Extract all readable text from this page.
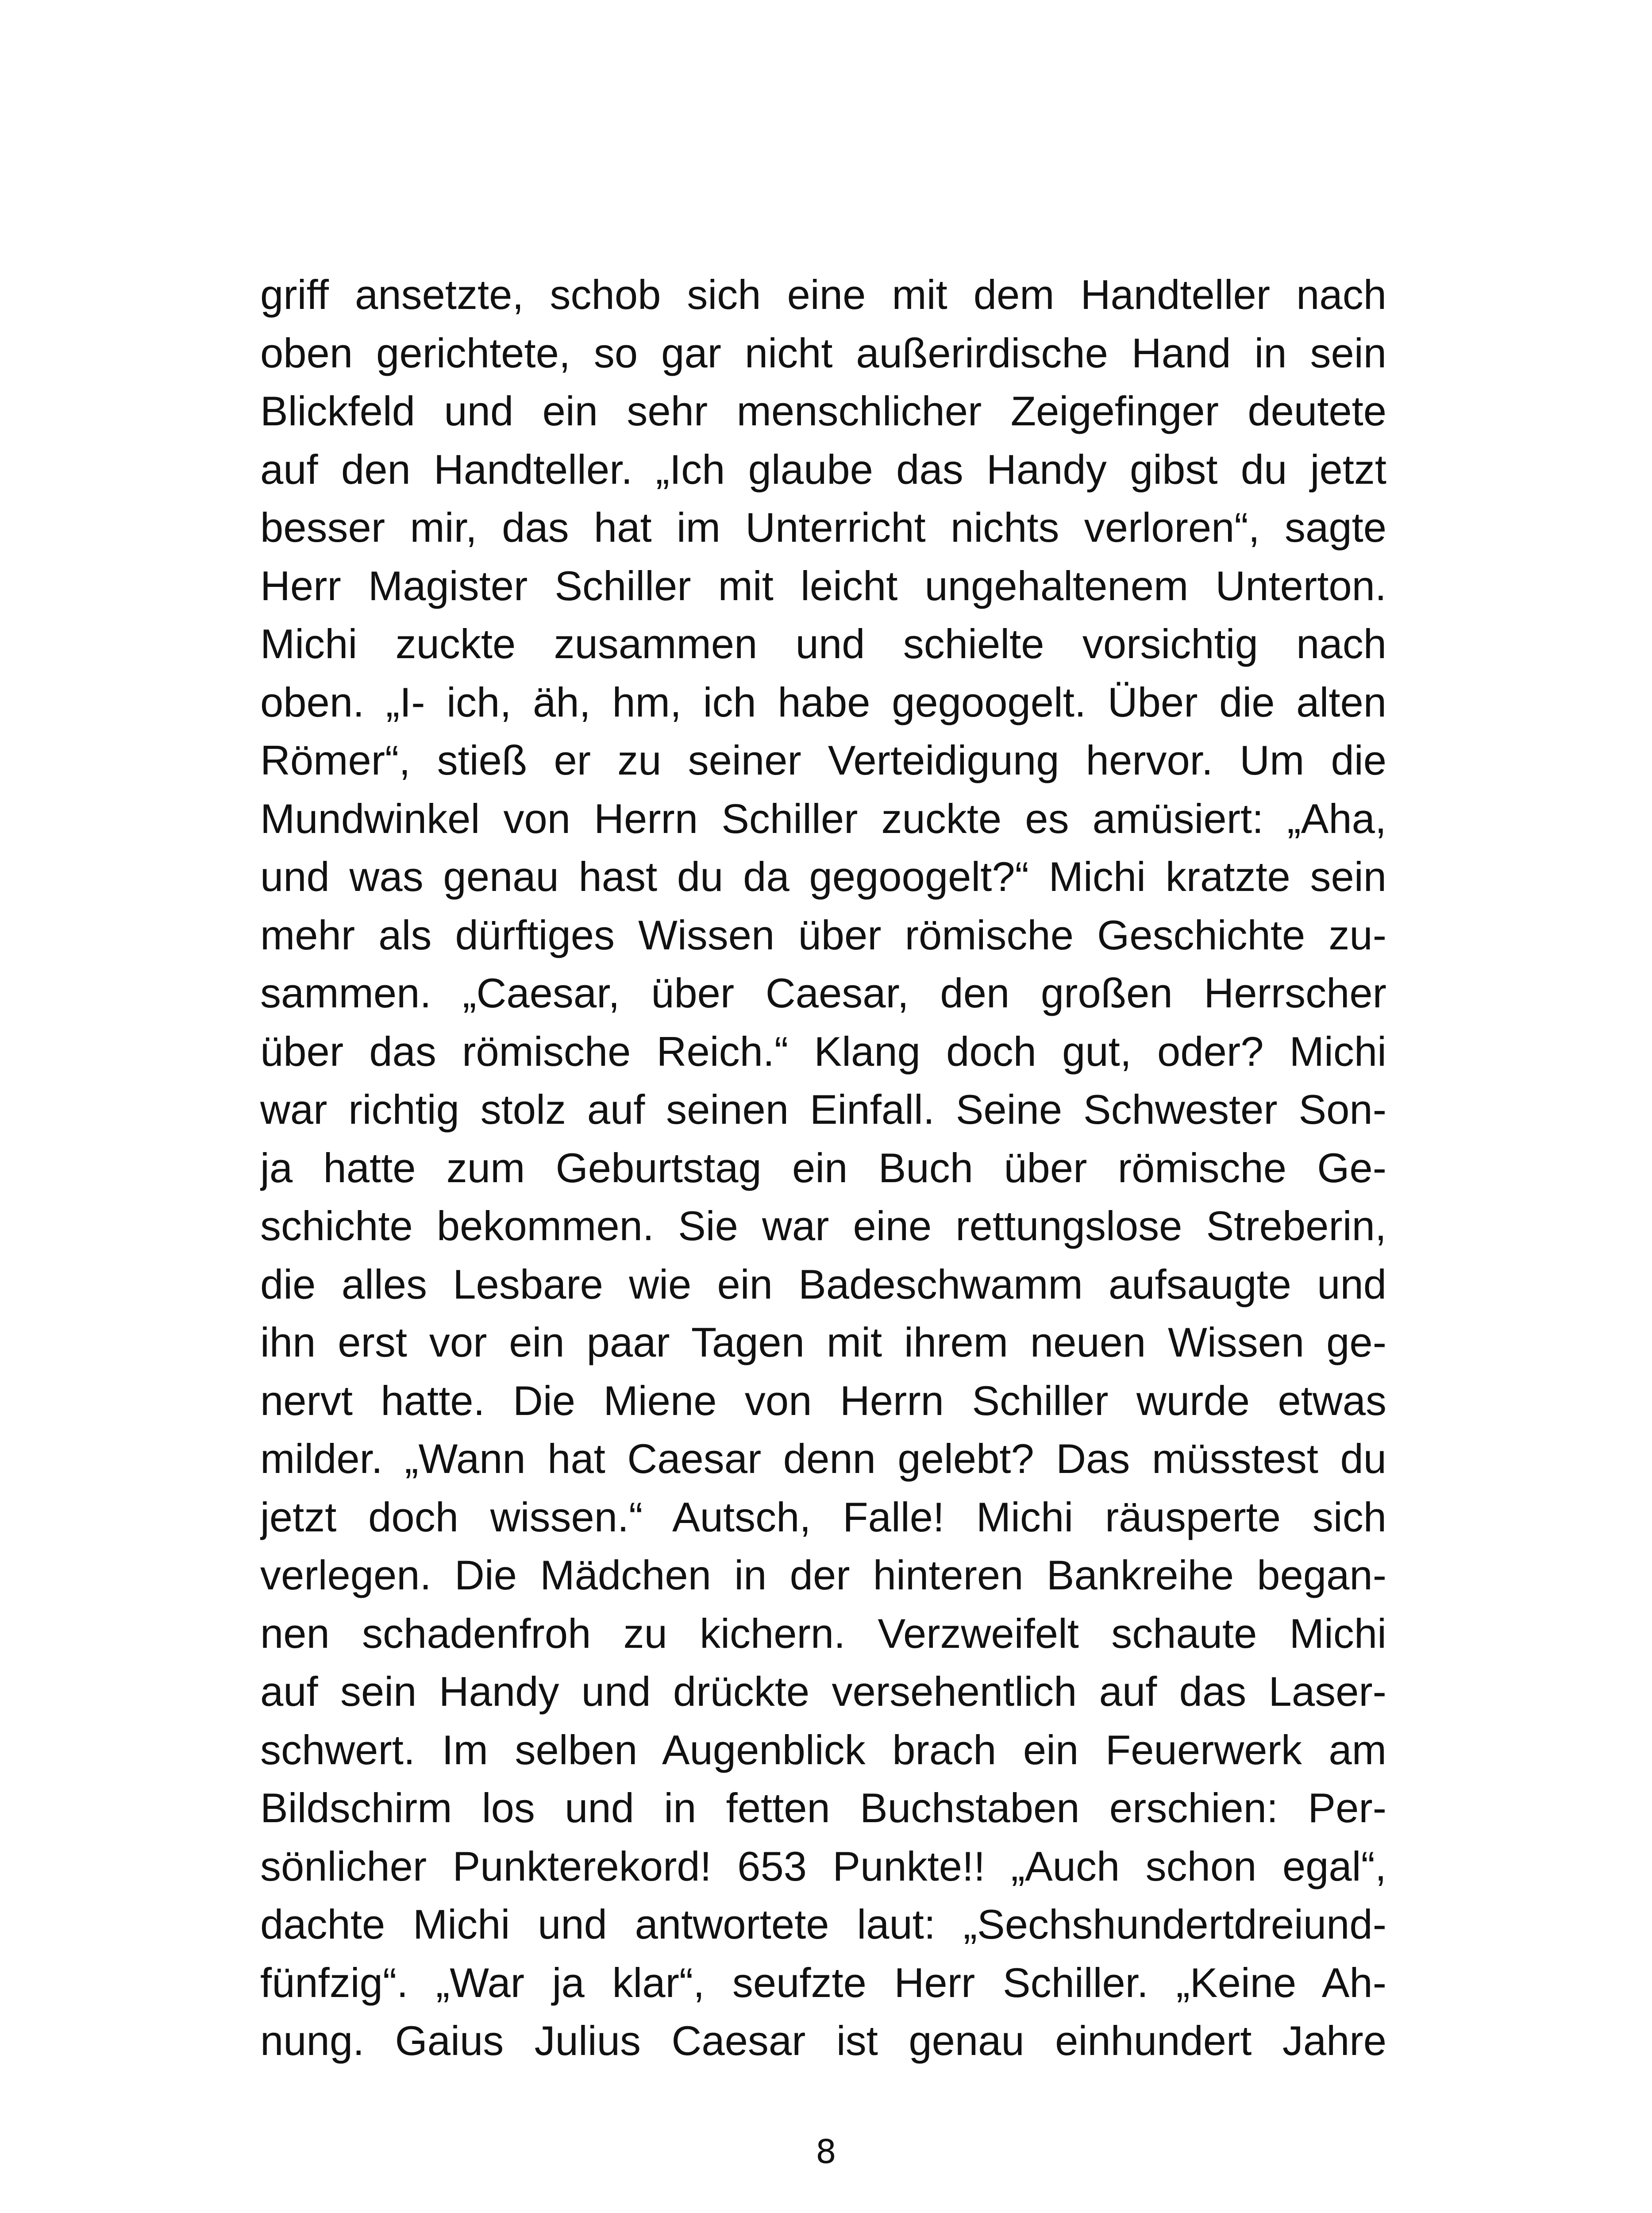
griff ansetzte, schob sich eine mit dem Handteller nach
oben gerichtete, so gar nicht außerirdische Hand in sein
Blickfeld und ein sehr menschlicher Zeigefinger deutete
auf den Handteller. „Ich glaube das Handy gibst du jetzt
besser mir, das hat im Unterricht nichts verloren“, sagte
Herr Magister Schiller mit leicht ungehaltenem Unterton.
Michi zuckte zusammen und schielte vorsichtig nach
oben. „I- ich, äh, hm, ich habe gegoogelt. Über die alten
Römer“, stieß er zu seiner Verteidigung hervor. Um die
Mundwinkel von Herrn Schiller zuckte es amüsiert: „Aha,
und was genau hast du da gegoogelt?“ Michi kratzte sein
mehr als dürftiges Wissen über römische Geschichte zu-
sammen. „Caesar, über Caesar, den großen Herrscher
über das römische Reich.“ Klang doch gut, oder? Michi
war richtig stolz auf seinen Einfall. Seine Schwester Son-
ja hatte zum Geburtstag ein Buch über römische Ge-
schichte bekommen. Sie war eine rettungslose Streberin,
die alles Lesbare wie ein Badeschwamm aufsaugte und
ihn erst vor ein paar Tagen mit ihrem neuen Wissen ge-
nervt hatte. Die Miene von Herrn Schiller wurde etwas
milder. „Wann hat Caesar denn gelebt? Das müsstest du
jetzt doch wissen.“ Autsch, Falle! Michi räusperte sich
verlegen. Die Mädchen in der hinteren Bankreihe began-
nen schadenfroh zu kichern. Verzweifelt schaute Michi
auf sein Handy und drückte versehentlich auf das Laser-
schwert. Im selben Augenblick brach ein Feuerwerk am
Bildschirm los und in fetten Buchstaben erschien: Per-
sönlicher Punkterekord! 653 Punkte!! „Auch schon egal“,
dachte Michi und antwortete laut: „Sechshundertdreiund-
fünfzig“. „War ja klar“, seufzte Herr Schiller. „Keine Ah-
nung. Gaius Julius Caesar ist genau einhundert Jahre
8
